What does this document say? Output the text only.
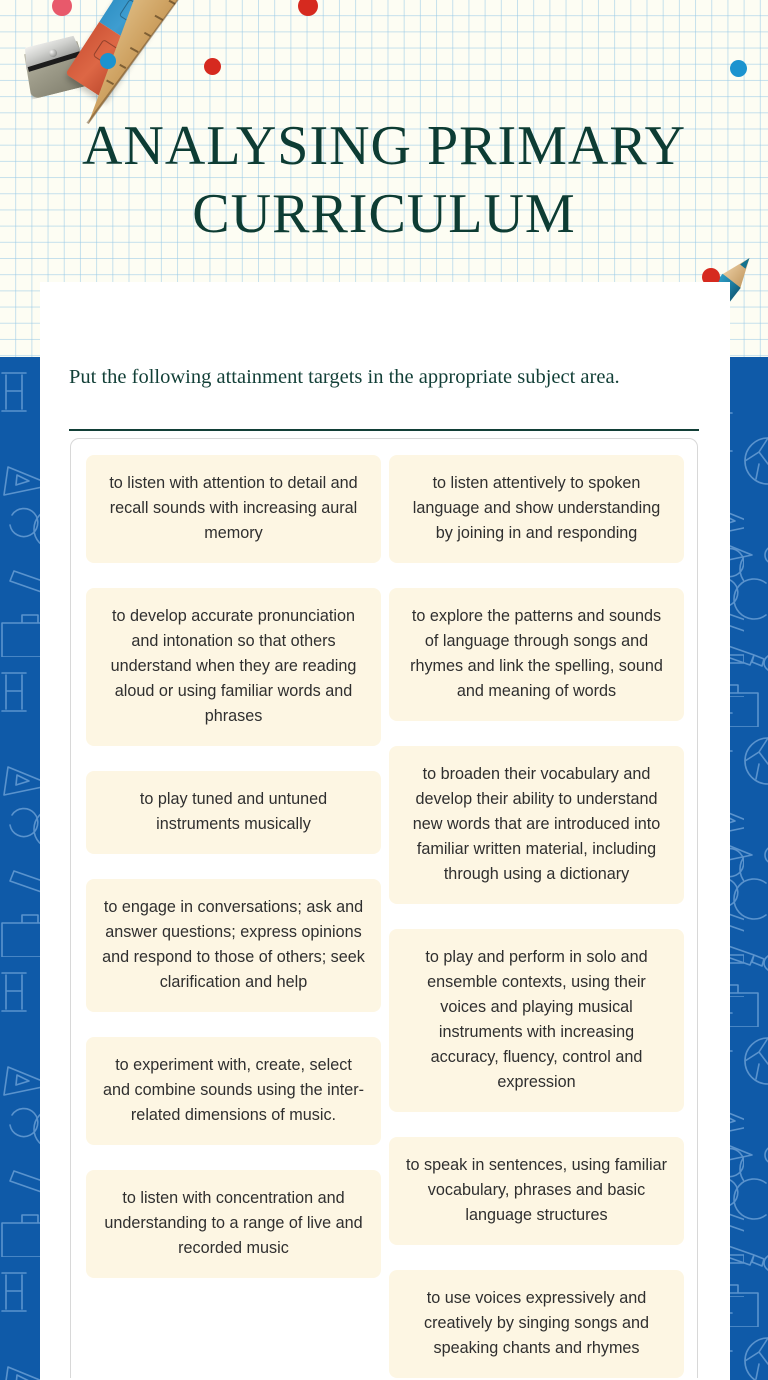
Put the following attainment targets in the appropriate subject area.
to listen with attention to detail and recall sounds with increasing aural memory
to develop accurate pronunciation and intonation so that others understand when they are reading aloud or using familiar words and phrases
to play tuned and untuned instruments musically
to engage in conversations; ask and answer questions; express opinions and respond to those of others; seek clarification and help
to experiment with, create, select and combine sounds using the inter-related dimensions of music.
to listen with concentration and understanding to a range of live and recorded music
to listen attentively to spoken language and show understanding by joining in and responding
to explore the patterns and sounds of language through songs and rhymes and link the spelling, sound and meaning of words
to broaden their vocabulary and develop their ability to understand new words that are introduced into familiar written material, including through using a dictionary
to play and perform in solo and ensemble contexts, using their voices and playing musical instruments with increasing accuracy, fluency, control and expression
to speak in sentences, using familiar vocabulary, phrases and basic language structures
to use voices expressively and creatively by singing songs and speaking chants and rhymes
ANALYSING PRIMARY CURRICULUM
